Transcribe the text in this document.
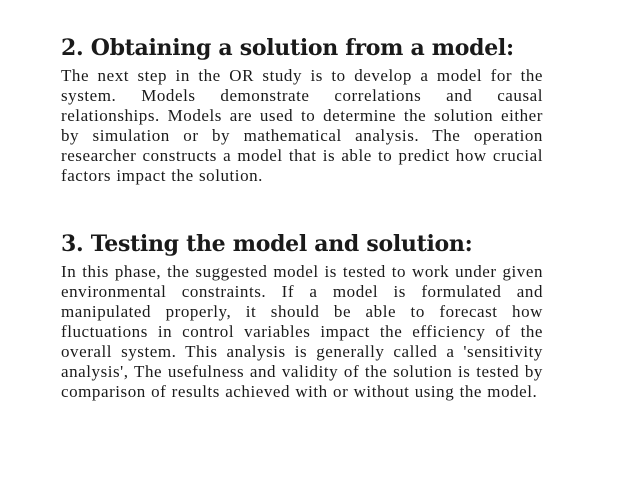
2. Obtaining a solution from a model:

The next step in the OR study is to develop a model for the system. Models demonstrate correlations and causal relationships. Models are used to determine the solution either by simulation or by mathematical analysis. The operation researcher constructs a model that is able to predict how crucial factors impact the solution.

3. Testing the model and solution:

In this phase, the suggested model is tested to work under given environmental constraints. If a model is formulated and manipulated properly, it should be able to forecast how fluctuations in control variables impact the efficiency of the overall system. This analysis is generally called a 'sensitivity analysis', The usefulness and validity of the solution is tested by comparison of results achieved with or without using the model.
